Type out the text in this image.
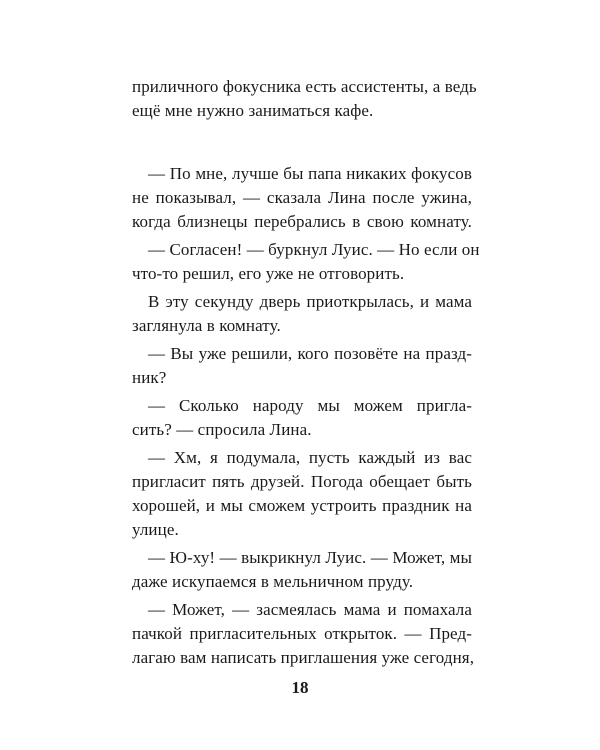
приличного фокусника есть ассистенты, а ведь
ещё мне нужно заниматься кафе.
— По мне, лучше бы папа никаких фокусов
не показывал, — сказала Лина после ужина,
когда близнецы перебрались в свою комнату.
— Согласен! — буркнул Луис. — Но если он
что-то решил, его уже не отговорить.
В эту секунду дверь приоткрылась, и мама
заглянула в комнату.
— Вы уже решили, кого позовёте на празд-
ник?
— Сколько народу мы можем пригла-
сить? — спросила Лина.
— Хм, я подумала, пусть каждый из вас
пригласит пять друзей. Погода обещает быть
хорошей, и мы сможем устроить праздник на
улице.
— Ю-ху! — выкрикнул Луис. — Может, мы
даже искупаемся в мельничном пруду.
— Может, — засмеялась мама и помахала
пачкой пригласительных открыток. — Пред-
лагаю вам написать приглашения уже сегодня,
18
